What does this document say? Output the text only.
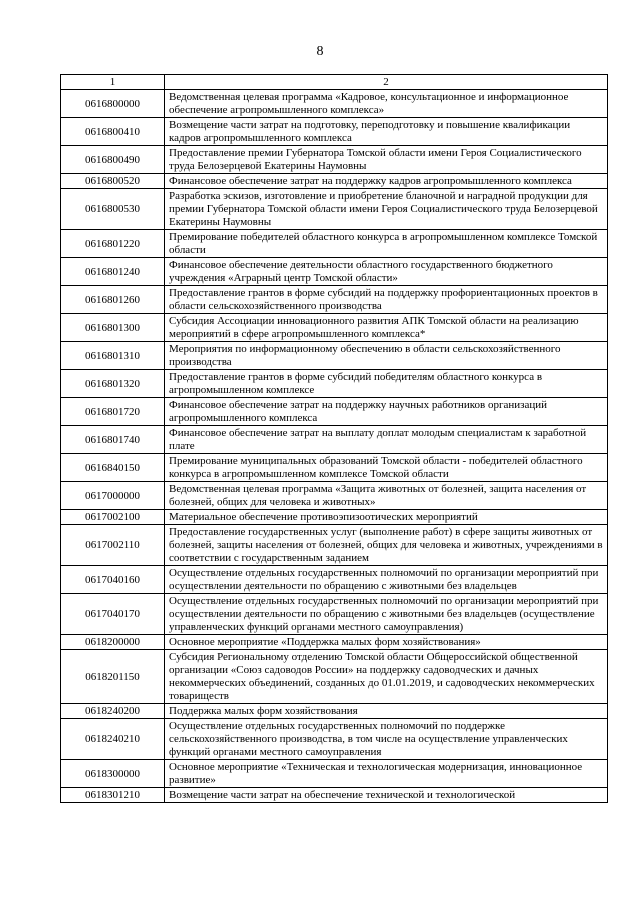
8
1	2
0616800000	Ведомственная целевая программа «Кадровое, консультационное и информационное обеспечение агропромышленного комплекса»
0616800410	Возмещение части затрат на подготовку, переподготовку и повышение квалификации кадров агропромышленного комплекса
0616800490	Предоставление премии Губернатора Томской области имени Героя Социалистического труда Белозерцевой Екатерины Наумовны
0616800520	Финансовое обеспечение затрат на поддержку кадров агропромышленного комплекса
0616800530	Разработка эскизов, изготовление и приобретение бланочной и наградной продукции для премии Губернатора Томской области имени Героя Социалистического труда Белозерцевой Екатерины Наумовны
0616801220	Премирование победителей областного конкурса в агропромышленном комплексе Томской области
0616801240	Финансовое обеспечение деятельности областного государственного бюджетного учреждения «Аграрный центр Томской области»
0616801260	Предоставление грантов в форме субсидий на поддержку профориентационных проектов в области сельскохозяйственного производства
0616801300	Субсидия Ассоциации инновационного развития АПК Томской области на реализацию мероприятий в сфере агропромышленного комплекса*
0616801310	Мероприятия по информационному обеспечению в области сельскохозяйственного производства
0616801320	Предоставление грантов в форме субсидий победителям областного конкурса в агропромышленном комплексе
0616801720	Финансовое обеспечение затрат на поддержку научных работников организаций агропромышленного комплекса
0616801740	Финансовое обеспечение затрат на выплату доплат молодым специалистам к заработной плате
0616840150	Премирование муниципальных образований Томской области - победителей областного конкурса в агропромышленном комплексе Томской области
0617000000	Ведомственная целевая программа «Защита животных от болезней, защита населения от болезней, общих для человека и животных»
0617002100	Материальное обеспечение противоэпизоотических мероприятий
0617002110	Предоставление государственных услуг (выполнение работ) в сфере защиты животных от болезней, защиты населения от болезней, общих для человека и животных, учреждениями в соответствии с государственным заданием
0617040160	Осуществление отдельных государственных полномочий по организации мероприятий при осуществлении деятельности по обращению с животными без владельцев
0617040170	Осуществление отдельных государственных полномочий по организации мероприятий при осуществлении деятельности по обращению с животными без владельцев (осуществление управленческих функций органами местного самоуправления)
0618200000	Основное мероприятие «Поддержка малых форм хозяйствования»
0618201150	Субсидия Региональному отделению Томской области Общероссийской общественной организации «Союз садоводов России» на поддержку садоводческих и дачных некоммерческих объединений, созданных до 01.01.2019, и садоводческих некоммерческих товариществ
0618240200	Поддержка малых форм хозяйствования
0618240210	Осуществление отдельных государственных полномочий по поддержке сельскохозяйственного производства, в том числе на осуществление управленческих функций органами местного самоуправления
0618300000	Основное мероприятие «Техническая и технологическая модернизация, инновационное развитие»
0618301210	Возмещение части затрат на обеспечение технической и технологической
